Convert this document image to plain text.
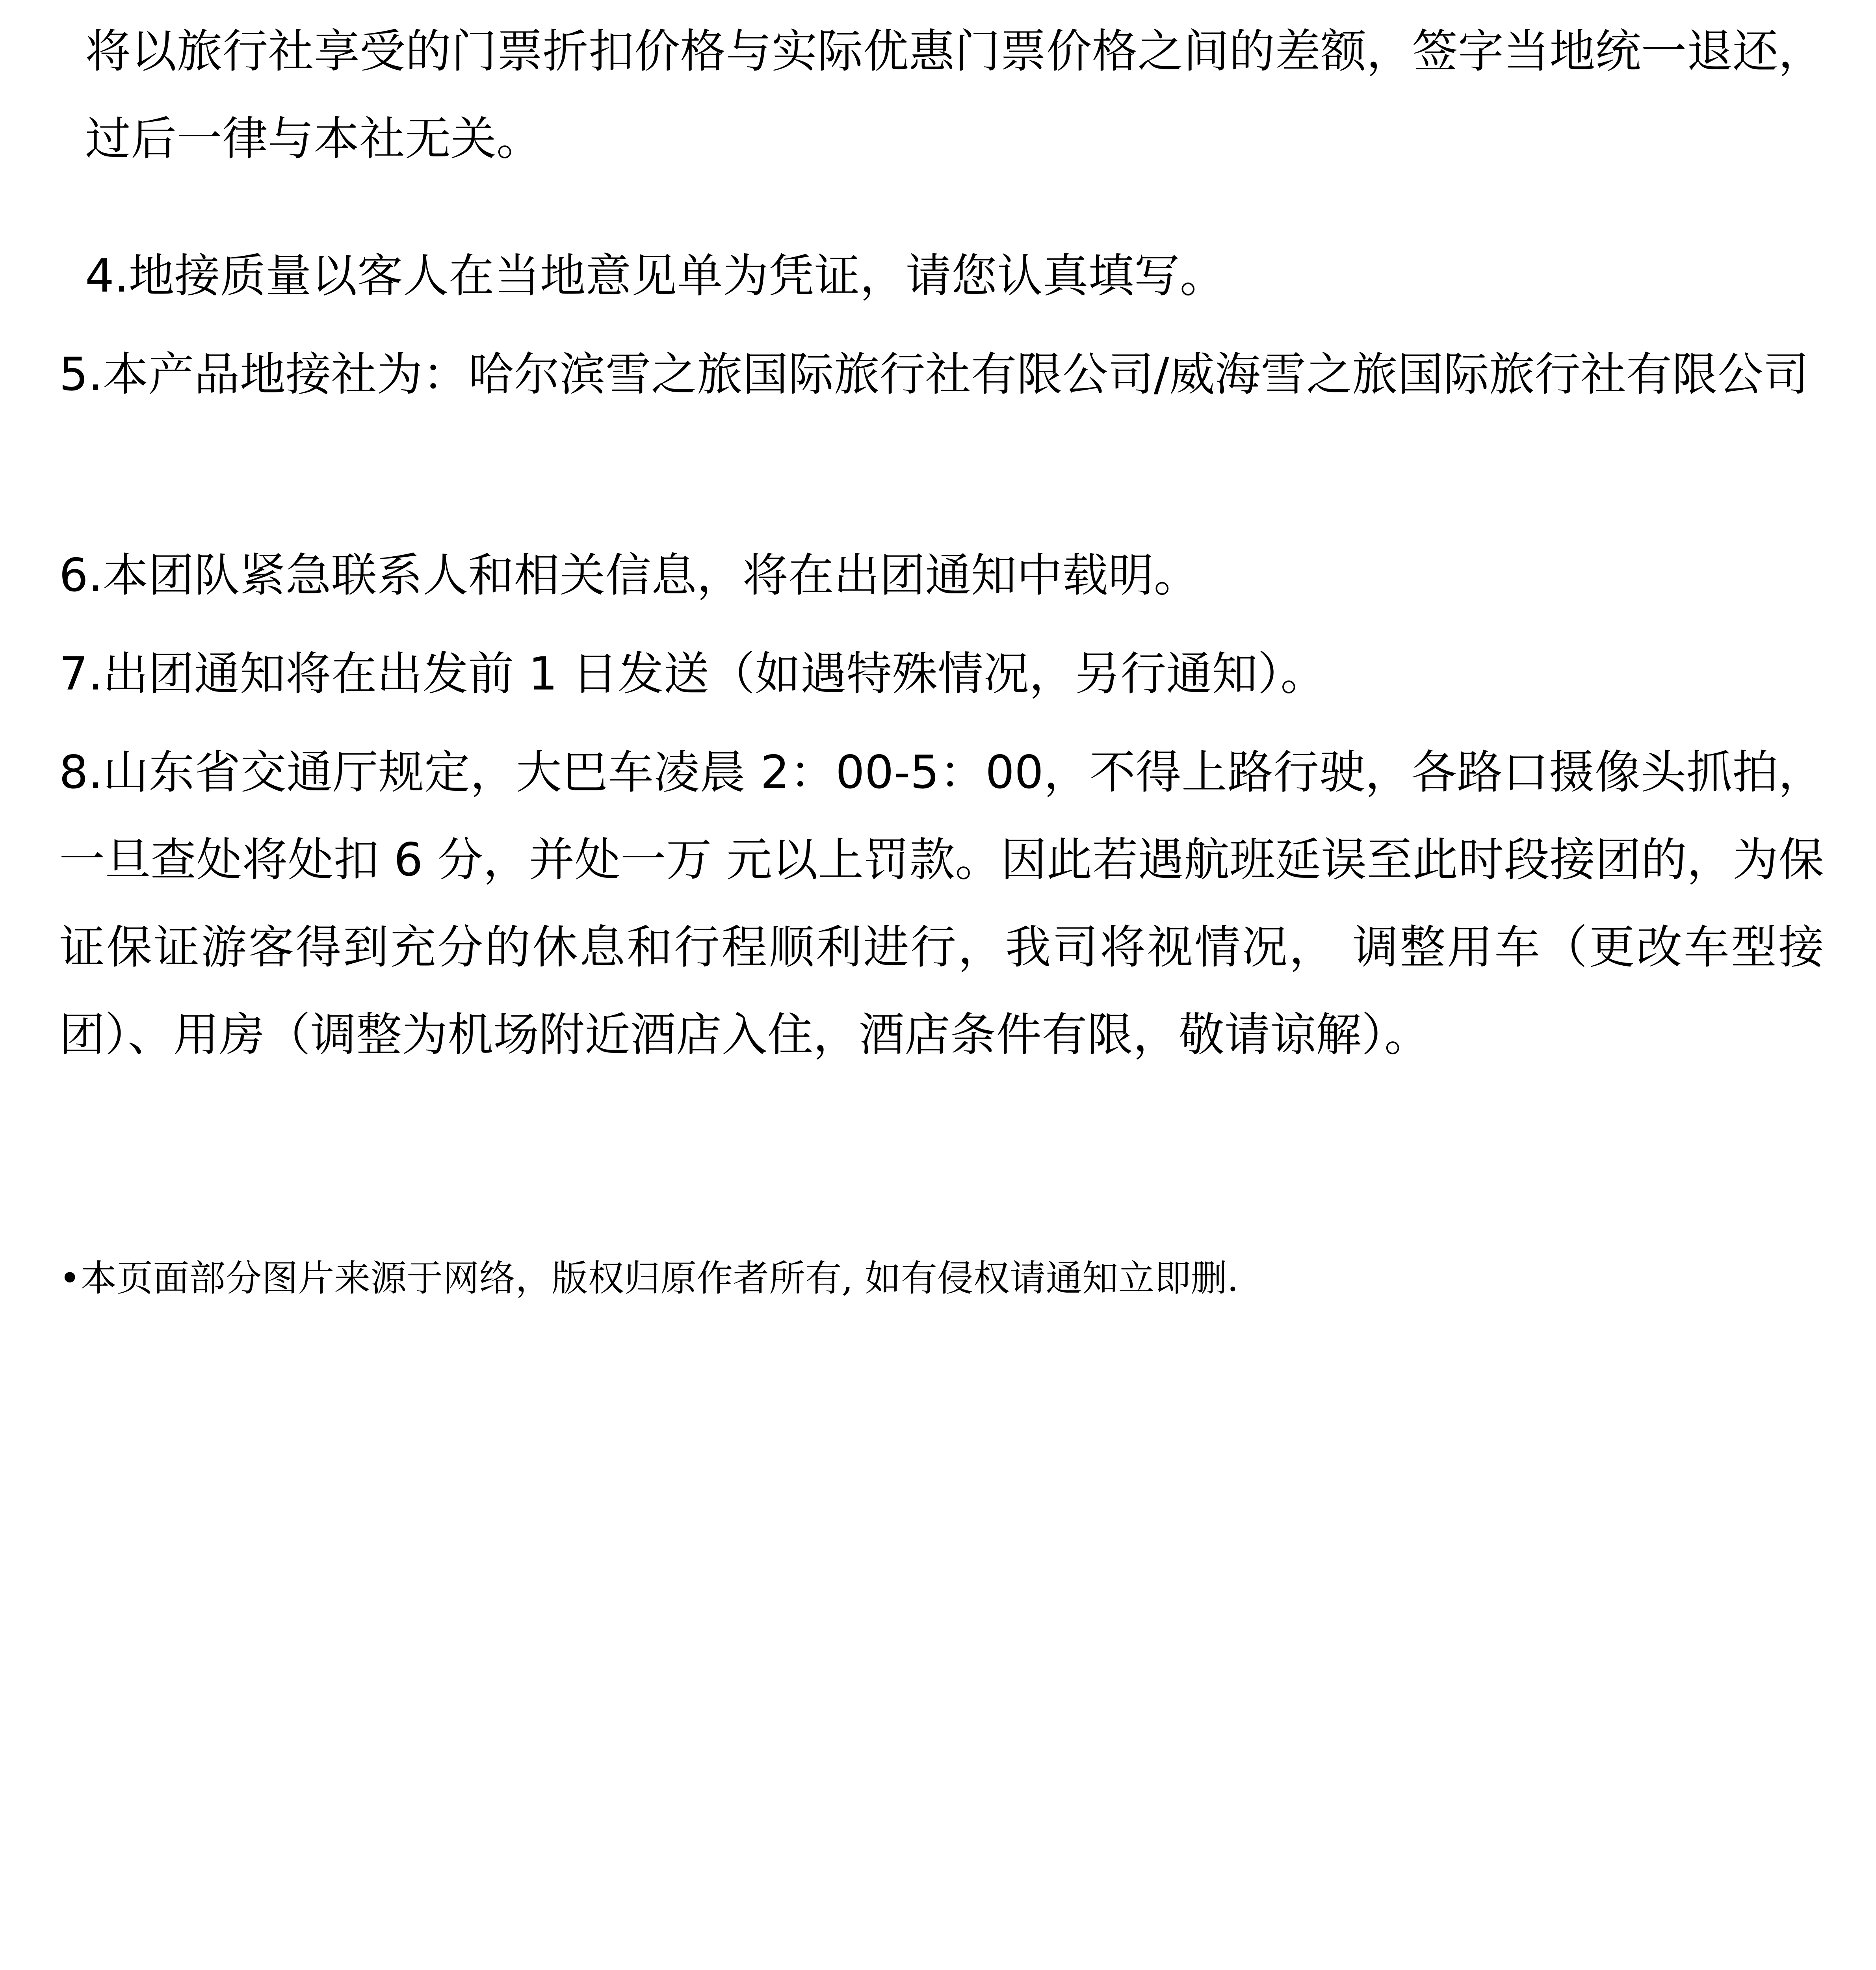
将以旅行社享受的门票折扣价格与实际优惠门票价格之间的差额，签字当地统一退还，过后一律与本社无关。

4.地接质量以客人在当地意见单为凭证，请您认真填写。

5.本产品地接社为：哈尔滨雪之旅国际旅行社有限公司/威海雪之旅国际旅行社有限公司

6.本团队紧急联系人和相关信息，将在出团通知中载明。

7.出团通知将在出发前 1 日发送（如遇特殊情况，另行通知）。

8.山东省交通厅规定，大巴车凌晨 2：00-5：00，不得上路行驶，各路口摄像头抓拍，一旦查处将处扣 6 分，并处一万 元以上罚款。因此若遇航班延误至此时段接团的，为保证保证游客得到充分的休息和行程顺利进行，我司将视情况， 调整用车（更改车型接团）、用房（调整为机场附近酒店入住，酒店条件有限，敬请谅解）。

•本页面部分图片来源于网络，版权归原作者所有, 如有侵权请通知立即删.
